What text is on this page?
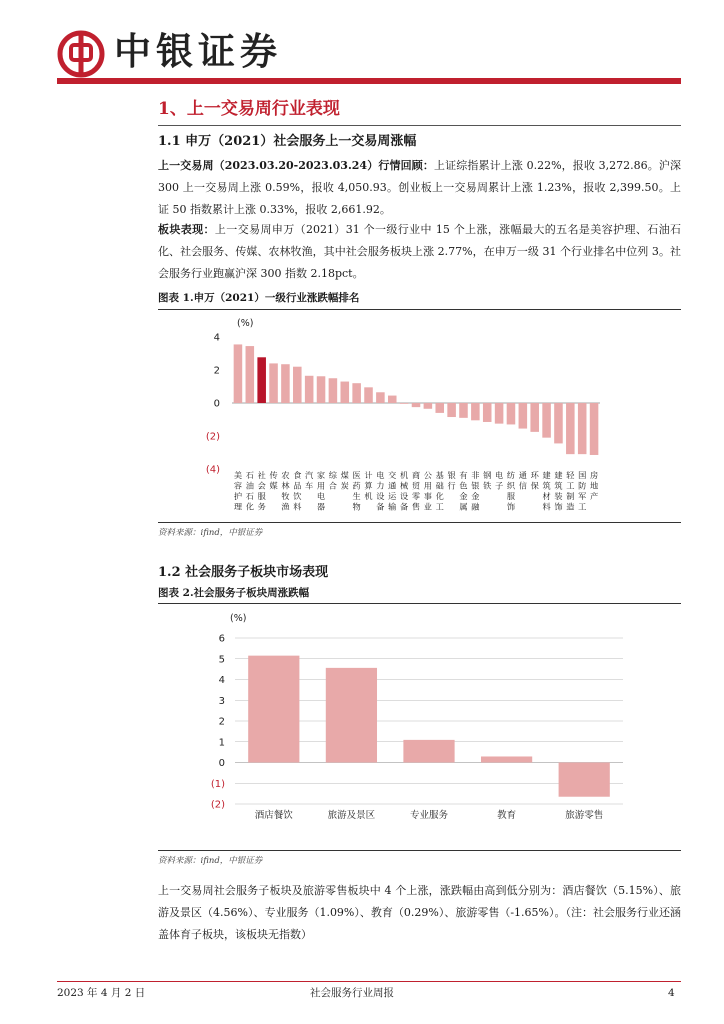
中银证券
1、上一交易周行业表现
1.1 申万（2021）社会服务上一交易周涨幅
上一交易周（2023.03.20-2023.03.24）行情回顾：上证综指累计上涨 0.22%，报收 3,272.86。沪深 300 上一交易周上涨 0.59%，报收 4,050.93。创业板上一交易周累计上涨 1.23%，报收 2,399.50。上证 50 指数累计上涨 0.33%，报收 2,661.92。
板块表现：上一交易周申万（2021）31 个一级行业中 15 个上涨，涨幅最大的五名是美容护理、石油石化、社会服务、传媒、农林牧渔，其中社会服务板块上涨 2.77%，在申万一级 31 个行业排名中位列 3。社会服务行业跑赢沪深 300 指数 2.18pct。
图表 1.申万（2021）一级行业涨跌幅排名
(%)
4
2
0
(2)
(4) 美容护理
石油石化
社会服务
传媒
农林牧渔
食品饮料
汽车
家用电器
综合
煤炭
医药生物
计算机
电力设备
交通运输
机械设备
商贸零售
公用事业
基础化工
银行
有色金属
非银金融
钢铁
电子
纺织服饰
通信
环保
建筑材料
建筑装饰
轻工制造
国防军工
房地产
资料来源：ifind，中银证券
1.2 社会服务子板块市场表现
图表 2.社会服务子板块周涨跌幅
(%)
6
5
4
3
2
1
0
(1)
(2)
酒店餐饮	旅游及景区	专业服务	教育	旅游零售
资料来源：ifind，中银证券
上一交易周社会服务子板块及旅游零售板块中 4 个上涨，涨跌幅由高到低分别为：酒店餐饮（5.15%）、旅游及景区（4.56%）、专业服务（1.09%）、教育（0.29%）、旅游零售（-1.65%）。（注：社会服务行业还涵盖体育子板块，该板块无指数）
2023 年 4 月 2 日	社会服务行业周报	4
